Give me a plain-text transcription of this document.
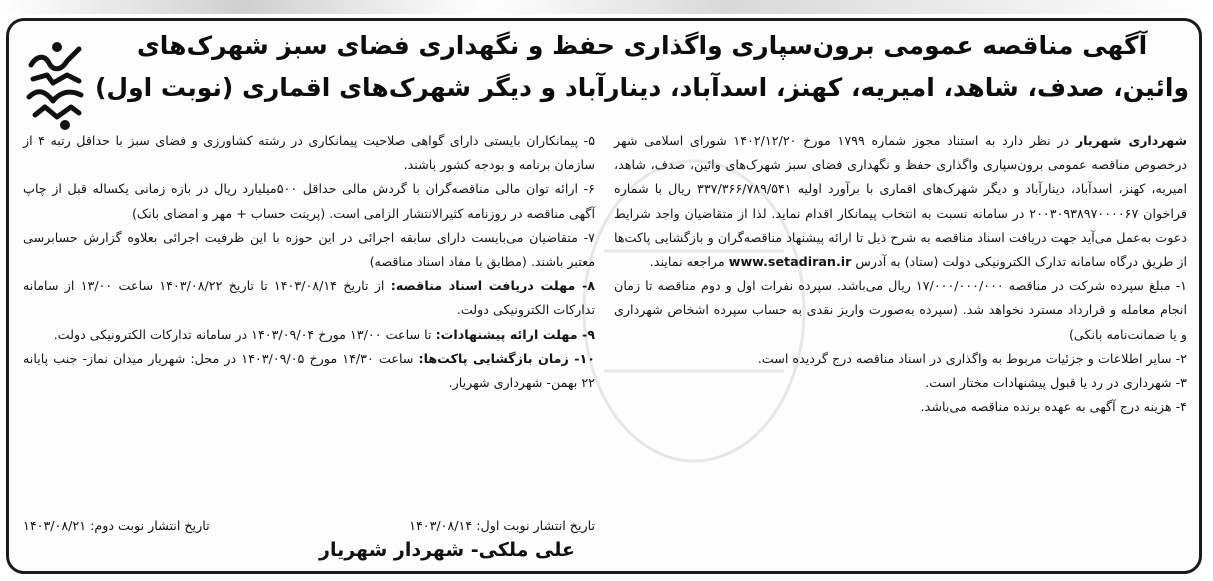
آگهی مناقصه عمومی برون‌سپاری واگذاری حفظ و نگهداری فضای سبز شهرک‌های وائین، صدف، شاهد، امیریه، کهنز، اسدآباد، دینارآباد و دیگر شهرک‌های اقماری (نوبت اول)

شهرداری شهریار در نظر دارد به استناد مجوز شماره ۱۷۹۹ مورخ ۱۴۰۲/۱۲/۲۰ شورای اسلامی شهر درخصوص مناقصه عمومی برون‌سپاری واگذاری حفظ و نگهداری فضای سبز شهرک‌های وائین، صدف، شاهد، امیریه، کهنز، اسدآباد، دینارآباد و دیگر شهرک‌های اقماری با برآورد اولیه ۳۳۷/۳۶۶/۷۸۹/۵۴۱ ریال با شماره فراخوان ۲۰۰۳۰۹۳۸۹۷۰۰۰۰۶۷ در سامانه نسبت به انتخاب پیمانکار اقدام نماید. لذا از متقاضیان واجد شرایط دعوت به‌عمل می‌آید جهت دریافت اسناد مناقصه به شرح ذیل تا ارائه پیشنهاد مناقصه‌گران و بازگشایی پاکت‌ها از طریق درگاه سامانه تدارک الکترونیکی دولت (ستاد) به آدرس www.setadiran.ir مراجعه نمایند.

۱- مبلغ سپرده شرکت در مناقصه ۱۷/۰۰۰/۰۰۰/۰۰۰ ریال می‌باشد. سپرده نفرات اول و دوم مناقصه تا زمان انجام معامله و قرارداد مسترد نخواهد شد. (سپرده به‌صورت واریز نقدی به حساب سپرده اشخاص شهرداری و یا ضمانت‌نامه بانکی)

۲- سایر اطلاعات و جزئیات مربوط به واگذاری در اسناد مناقصه درج گردیده است.

۳- شهرداری در رد یا قبول پیشنهادات مختار است.

۴- هزینه درج آگهی به عهده برنده مناقصه می‌باشد.

۵- پیمانکاران بایستی دارای گواهی صلاحیت پیمانکاری در رشته کشاورزی و فضای سبز با حداقل رتبه ۴ از سازمان برنامه و بودجه کشور باشند.

۶- ارائه توان مالی مناقصه‌گران با گردش مالی حداقل ۵۰۰میلیارد ریال در بازه زمانی یکساله قبل از چاپ آگهی مناقصه در روزنامه کثیرالانتشار الزامی است. (پرینت حساب + مهر و امضای بانک)

۷- متقاضیان می‌بایست دارای سابقه اجرائی در این حوزه با این ظرفیت اجرائی بعلاوه گزارش حسابرسی معتبر باشند. (مطابق با مفاد اسناد مناقصه)

۸- مهلت دریافت اسناد مناقصه: از تاریخ ۱۴۰۳/۰۸/۱۴ تا تاریخ ۱۴۰۳/۰۸/۲۲ ساعت ۱۳/۰۰ از سامانه تدارکات الکترونیکی دولت.

۹- مهلت ارائه پیشنهادات: تا ساعت ۱۳/۰۰ مورخ ۱۴۰۳/۰۹/۰۴ در سامانه تدارکات الکترونیکی دولت.

۱۰- زمان بازگشایی پاکت‌ها: ساعت ۱۴/۳۰ مورخ ۱۴۰۳/۰۹/۰۵ در محل: شهریار میدان نماز- جنب پایانه ۲۲ بهمن- شهرداری شهریار.

تاریخ انتشار نوبت اول: ۱۴۰۳/۰۸/۱۴
تاریخ انتشار نوبت دوم: ۱۴۰۳/۰۸/۲۱
علی ملکی- شهردار شهریار
